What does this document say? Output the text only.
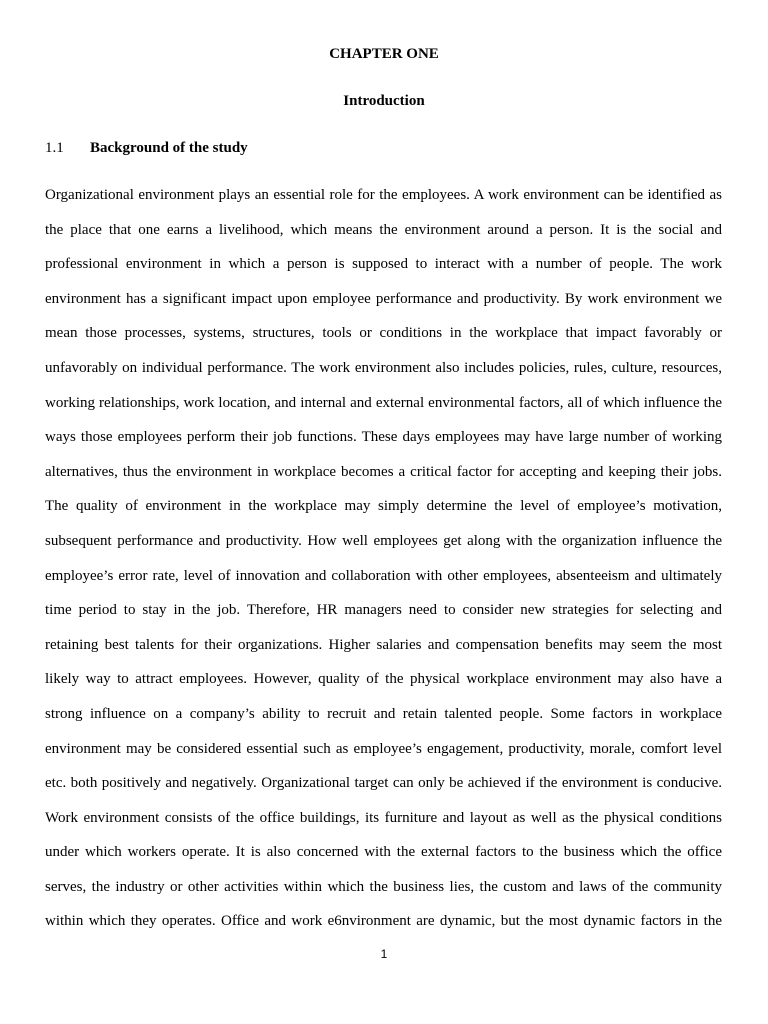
CHAPTER ONE
Introduction
1.1 Background of the study

Organizational environment plays an essential role for the employees. A work environment can be identified as the place that one earns a livelihood, which means the environment around a person. It is the social and professional environment in which a person is supposed to interact with a number of people. The work environment has a significant impact upon employee performance and productivity. By work environment we mean those processes, systems, structures, tools or conditions in the workplace that impact favorably or unfavorably on individual performance. The work environment also includes policies, rules, culture, resources, working relationships, work location, and internal and external environmental factors, all of which influence the ways those employees perform their job functions. These days employees may have large number of working alternatives, thus the environment in workplace becomes a critical factor for accepting and keeping their jobs. The quality of environment in the workplace may simply determine the level of employee’s motivation, subsequent performance and productivity. How well employees get along with the organization influence the employee’s error rate, level of innovation and collaboration with other employees, absenteeism and ultimately time period to stay in the job. Therefore, HR managers need to consider new strategies for selecting and retaining best talents for their organizations. Higher salaries and compensation benefits may seem the most likely way to attract employees. However, quality of the physical workplace environment may also have a strong influence on a company’s ability to recruit and retain talented people. Some factors in workplace environment may be considered essential such as employee’s engagement, productivity, morale, comfort level etc. both positively and negatively. Organizational target can only be achieved if the environment is conducive. Work environment consists of the office buildings, its furniture and layout as well as the physical conditions under which workers operate. It is also concerned with the external factors to the business which the office serves, the industry or other activities within which the business lies, the custom and laws of the community within which they operates. Office and work e6nvironment are dynamic, but the most dynamic factors in the

1
